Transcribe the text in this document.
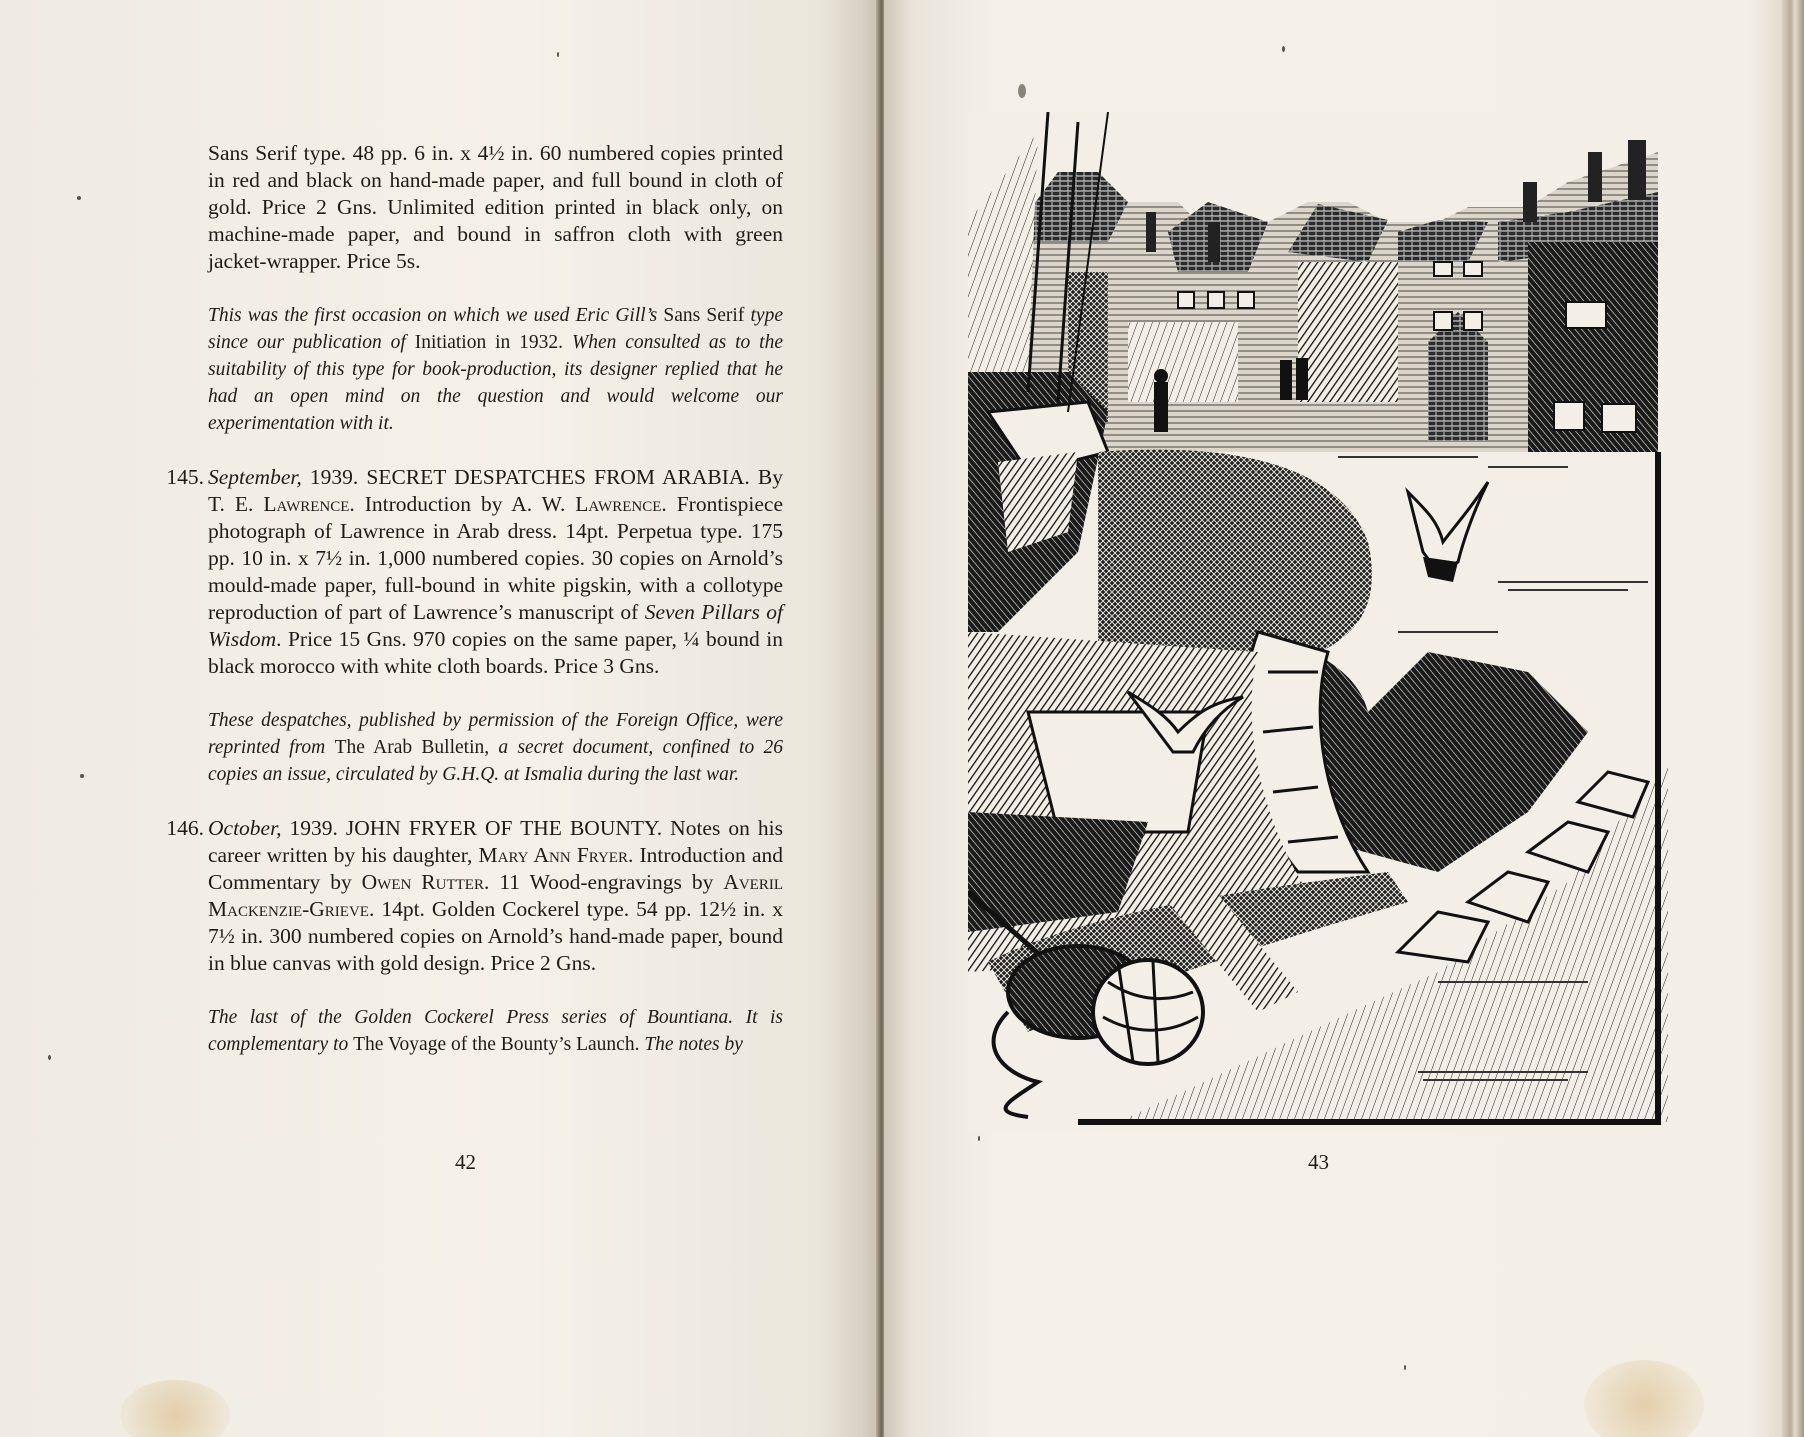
Sans Serif type. 48 pp. 6 in. x 4½ in. 60 numbered copies printed in red and black on hand-made paper, and full bound in cloth of gold. Price 2 Gns. Unlimited edition printed in black only, on machine-made paper, and bound in saffron cloth with green jacket-wrapper. Price 5s.

This was the first occasion on which we used Eric Gill’s Sans Serif type since our publication of Initiation in 1932. When consulted as to the suitability of this type for book-production, its designer replied that he had an open mind on the question and would welcome our experimentation with it.

145. September, 1939. SECRET DESPATCHES FROM ARABIA. By T. E. Lawrence. Introduction by A. W. Lawrence. Frontispiece photograph of Lawrence in Arab dress. 14pt. Perpetua type. 175 pp. 10 in. x 7½ in. 1,000 numbered copies. 30 copies on Arnold’s mould-made paper, full-bound in white pigskin, with a collotype reproduction of part of Lawrence’s manuscript of Seven Pillars of Wisdom. Price 15 Gns. 970 copies on the same paper, ¼ bound in black morocco with white cloth boards. Price 3 Gns.

These despatches, published by permission of the Foreign Office, were reprinted from The Arab Bulletin, a secret document, confined to 26 copies an issue, circulated by G.H.Q. at Ismalia during the last war.

146. October, 1939. JOHN FRYER OF THE BOUNTY. Notes on his career written by his daughter, Mary Ann Fryer. Introduction and Commentary by Owen Rutter. 11 Wood-engravings by Averil Mackenzie-Grieve. 14pt. Golden Cockerel type. 54 pp. 12½ in. x 7½ in. 300 numbered copies on Arnold’s hand-made paper, bound in blue canvas with gold design. Price 2 Gns.

The last of the Golden Cockerel Press series of Bountiana. It is complementary to The Voyage of the Bounty’s Launch. The notes by

42	43
